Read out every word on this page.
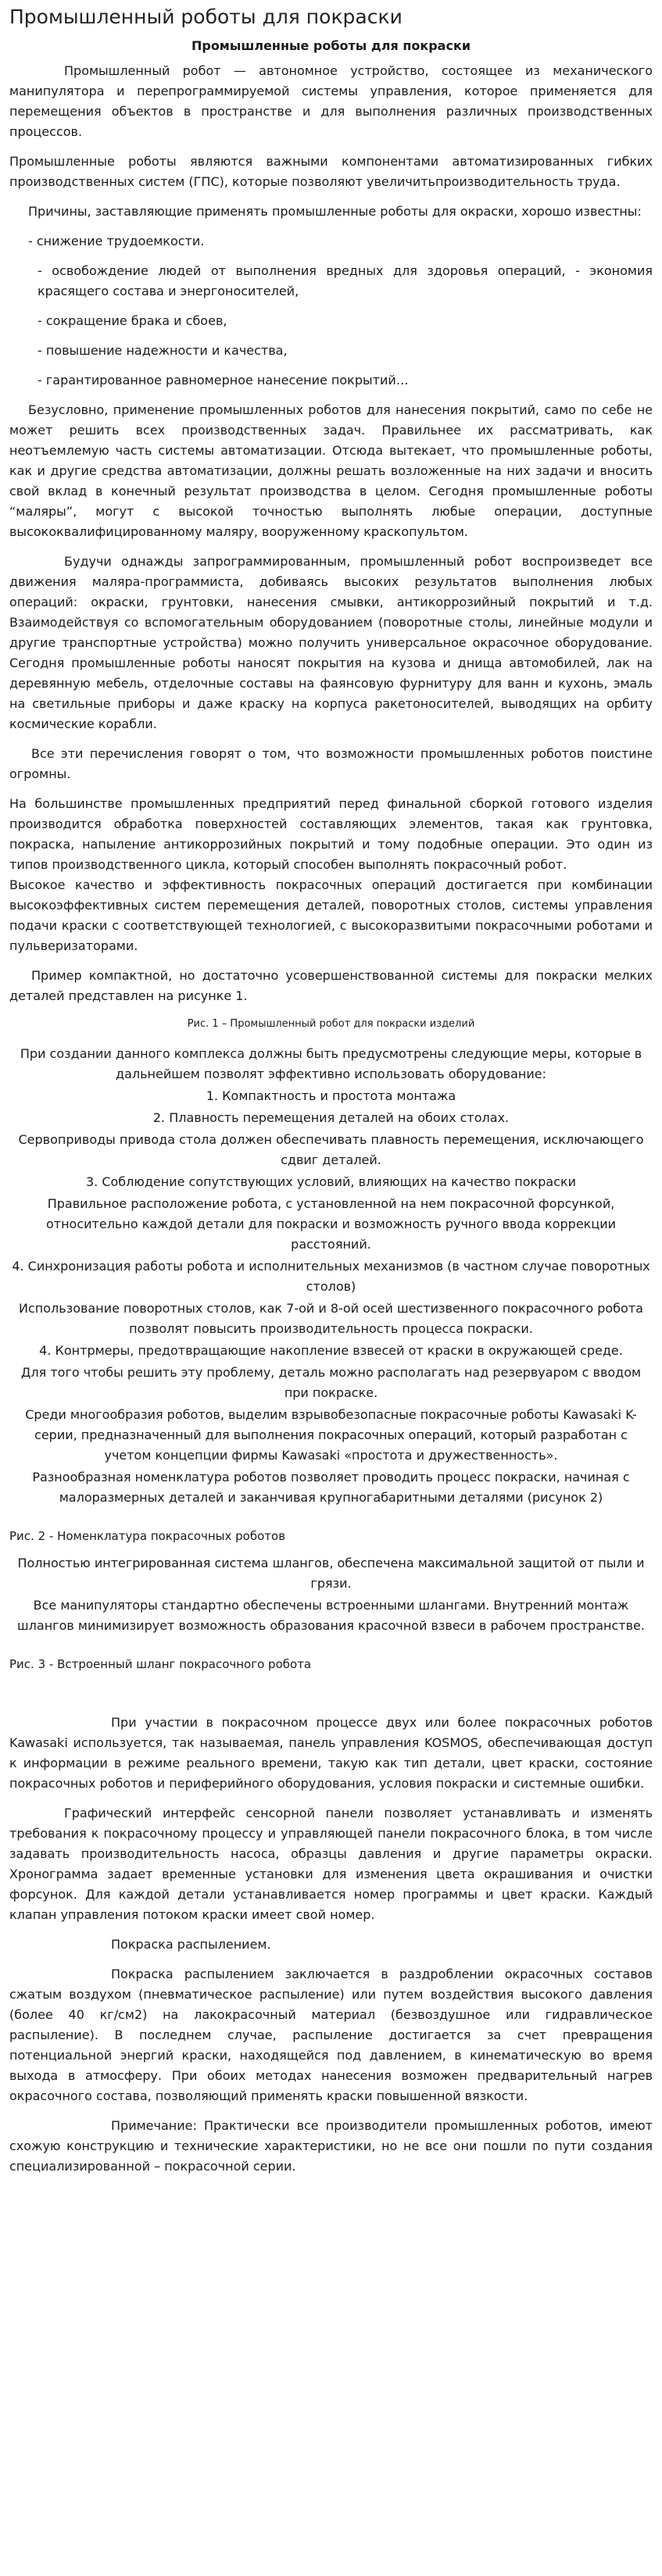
Промышленный роботы для покраски

Промышленные роботы для покраски

Промышленный робот — автономное устройство, состоящее из механического манипулятора и перепрограммируемой системы управления, которое применяется для перемещения объектов в пространстве и для выполнения различных производственных процессов.

Промышленные роботы являются важными компонентами автоматизированных гибких производственных систем (ГПС), которые позволяют увеличитьпроизводительность труда.

Причины, заставляющие применять промышленные роботы для окраски, хорошо известны:

- снижение трудоемкости.

- освобождение людей от выполнения вредных для здоровья операций, - экономия красящего состава и энергоносителей,

- сокращение брака и сбоев,

- повышение надежности и качества,

- гарантированное равномерное нанесение покрытий…

Безусловно, применение промышленных роботов для нанесения покрытий, само по себе не может решить всех производственных задач. Правильнее их рассматривать, как неотъемлемую часть системы автоматизации. Отсюда вытекает, что промышленные роботы, как и другие средства автоматизации, должны решать возложенные на них задачи и вносить свой вклад в конечный результат производства в целом. Сегодня промышленные роботы “маляры”, могут с высокой точностью выполнять любые операции, доступные высококвалифицированному маляру, вооруженному краскопультом.

Будучи однажды запрограммированным, промышленный робот воспроизведет все движения маляра-программиста, добиваясь высоких результатов выполнения любых операций: окраски, грунтовки, нанесения смывки, антикоррозийный покрытий и т.д. Взаимодействуя со вспомогательным оборудованием (поворотные столы, линейные модули и другие транспортные устройства) можно получить универсальное окрасочное оборудование. Сегодня промышленные роботы наносят покрытия на кузова и днища автомобилей, лак на деревянную мебель, отделочные составы на фаянсовую фурнитуру для ванн и кухонь, эмаль на светильные приборы и даже краску на корпуса ракетоносителей, выводящих на орбиту космические корабли.

Все эти перечисления говорят о том, что возможности промышленных роботов поистине огромны.

На большинстве промышленных предприятий перед финальной сборкой готового изделия производится обработка поверхностей составляющих элементов, такая как грунтовка, покраска, напыление антикоррозийных покрытий и тому подобные операции. Это один из типов производственного цикла, который способен выполнять покрасочный робот.

Высокое качество и эффективность покрасочных операций достигается при комбинации высокоэффективных систем перемещения деталей, поворотных столов, системы управления подачи краски с соответствующей технологией, с высокоразвитыми покрасочными роботами и пульверизаторами.

Пример компактной, но достаточно усовершенствованной системы для покраски мелких деталей представлен на рисунке 1.

Рис. 1 – Промышленный робот для покраски изделий

При создании данного комплекса должны быть предусмотрены следующие меры, которые в дальнейшем позволят эффективно использовать оборудование:

1. Компактность и простота монтажа

2. Плавность перемещения деталей на обоих столах.

Сервоприводы привода стола должен обеспечивать плавность перемещения, исключающего сдвиг деталей.

3. Соблюдение сопутствующих условий, влияющих на качество покраски

Правильное расположение робота, с установленной на нем покрасочной форсункой, относительно каждой детали для покраски и возможность ручного ввода коррекции расстояний.

4. Синхронизация работы робота и исполнительных механизмов (в частном случае поворотных столов)

Использование поворотных столов, как 7-ой и 8-ой осей шестизвенного покрасочного робота позволят повысить производительность процесса покраски.

4. Контрмеры, предотвращающие накопление взвесей от краски в окружающей среде.

Для того чтобы решить эту проблему, деталь можно располагать над резервуаром с вводом при покраске.

Среди многообразия роботов, выделим взрывобезопасные покрасочные роботы Kawasaki K-серии, предназначенный для выполнения покрасочных операций, который разработан с учетом концепции фирмы Kawasaki «простота и дружественность».

Разнообразная номенклатура роботов позволяет проводить процесс покраски, начиная с малоразмерных деталей и заканчивая крупногабаритными деталями (рисунок 2)

Рис. 2 - Номенклатура покрасочных роботов

Полностью интегрированная система шлангов, обеспечена максимальной защитой от пыли и грязи.

Все манипуляторы стандартно обеспечены встроенными шлангами. Внутренний монтаж шлангов минимизирует возможность образования красочной взвеси в рабочем пространстве.

Рис. 3 - Встроенный шланг покрасочного робота

При участии в покрасочном процессе двух или более покрасочных роботов Kawasaki используется, так называемая, панель управления KOSMOS, обеспечивающая доступ к информации в режиме реального времени, такую как тип детали, цвет краски, состояние покрасочных роботов и периферийного оборудования, условия покраски и системные ошибки.

Графический интерфейс сенсорной панели позволяет устанавливать и изменять требования к покрасочному процессу и управляющей панели покрасочного блока, в том числе задавать производительность насоса, образцы давления и другие параметры окраски. Хронограмма задает временные установки для изменения цвета окрашивания и очистки форсунок. Для каждой детали устанавливается номер программы и цвет краски. Каждый клапан управления потоком краски имеет свой номер.

Покраска распылением.

Покраска распылением заключается в раздроблении окрасочных составов сжатым воздухом (пневматическое распыление) или путем воздействия высокого давления (более 40 кг/см2) на лакокрасочный материал (безвоздушное или гидравлическое распыление). В последнем случае, распыление достигается за счет превращения потенциальной энергий краски, находящейся под давлением, в кинематическую во время выхода в атмосферу. При обоих методах нанесения возможен предварительный нагрев окрасочного состава, позволяющий применять краски повышенной вязкости.

Примечание: Практически все производители промышленных роботов, имеют схожую конструкцию и технические характеристики, но не все они пошли по пути создания специализированной – покрасочной серии.
